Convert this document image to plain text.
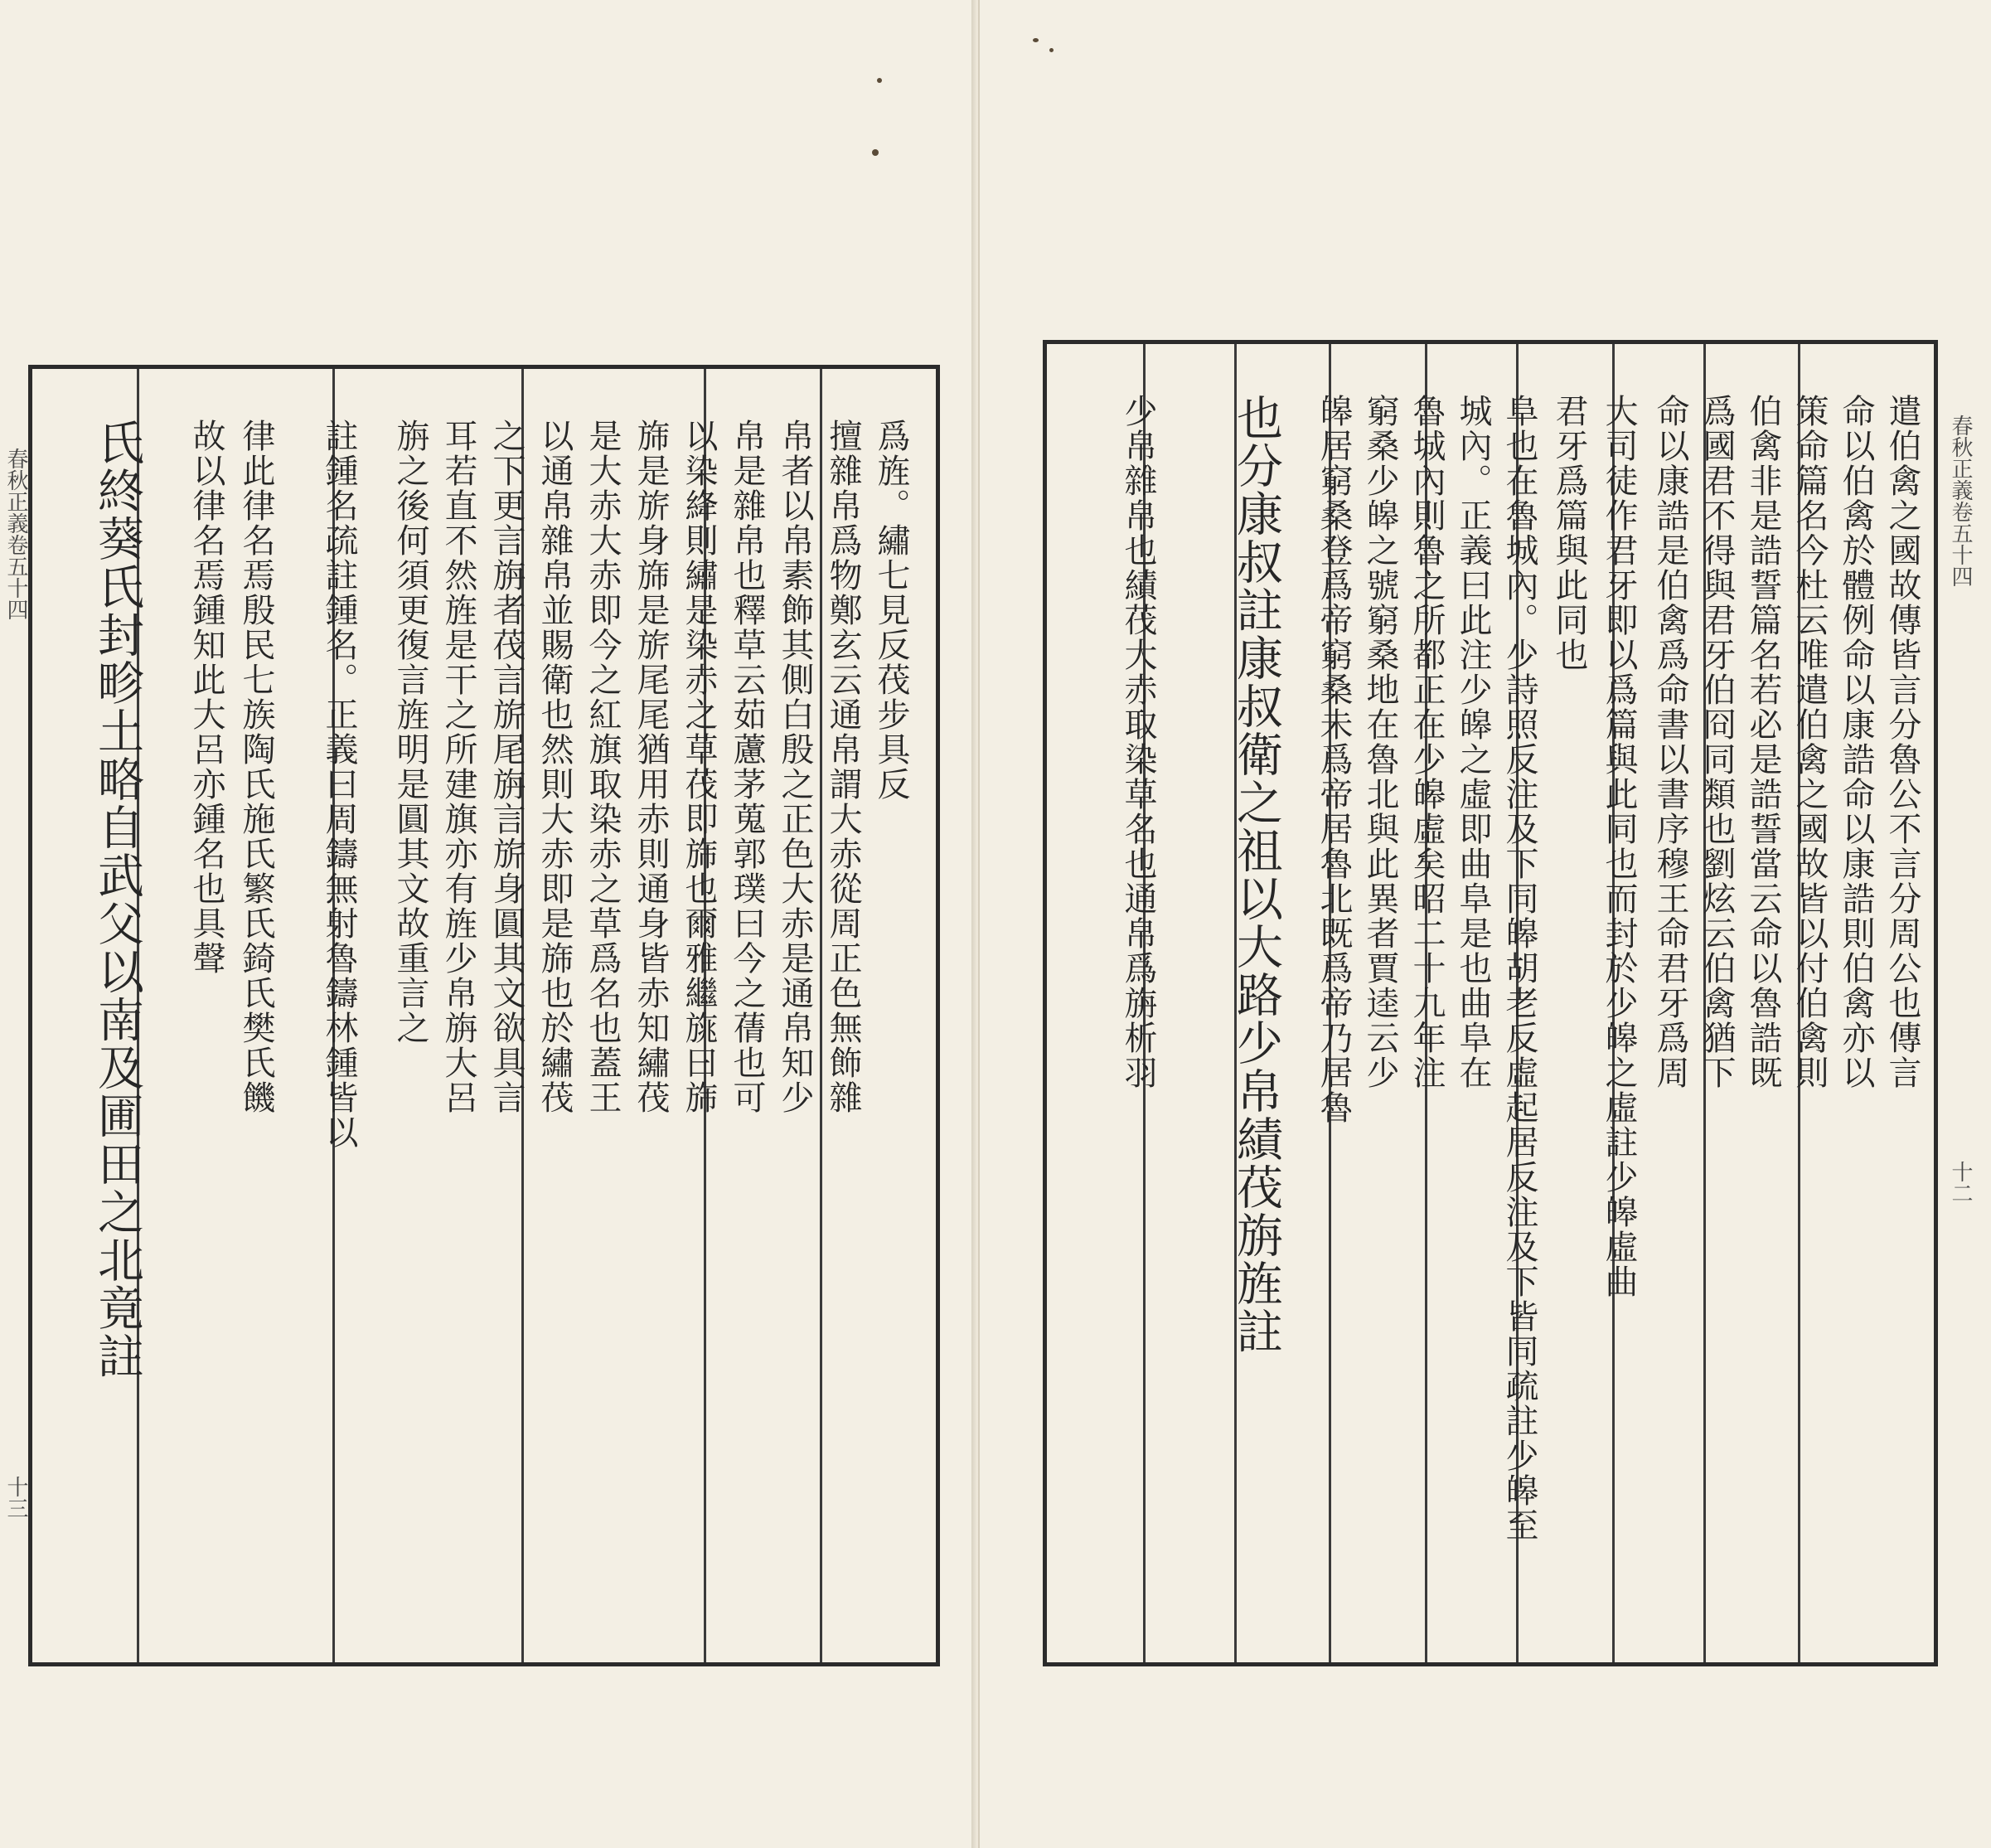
爲旌。繡七見反茷步具反
擅雜帛爲物鄭玄云通帛謂大赤從周正色無飾雜
帛者以帛素飾其側白殷之正色大赤是通帛知少
帛是雜帛也釋草云茹藘茅蒐郭璞曰今之蒨也可
以染絳則繡是染赤之草茷即旆也爾雅繼旐曰旆
旆是旂身旆是旂尾尾猶用赤則通身皆赤知繡茷
是大赤大赤即今之紅旗取染赤之草爲名也蓋王
以通帛雜帛並賜衛也然則大赤即是旆也於繡茷
之下更言旃者茷言旂尾旃言旂身圓其文欲具言
耳若直不然旌是干之所建旗亦有旌少帛旃大呂
旃之後何須更復言旌明是圓其文故重言之
註鍾名疏註鍾名。正義曰周鑄無射魯鑄林鍾皆以
律此律名焉殷民七族陶氏施氏繁氏錡氏樊氏饑
故以律名焉鍾知此大呂亦鍾名也具聲
氏終葵氏封畛土略自武父以南及圃田之北竟註
春秋正義卷五十四
十三
遣伯禽之國故傳皆言分魯公不言分周公也傳言
命以伯禽於體例命以康誥命以康誥則伯禽亦以
策命篇名今杜云唯遣伯禽之國故皆以付伯禽則
伯禽非是誥誓篇名若必是誥誓當云命以魯誥既
爲國君不得與君牙伯冏同類也劉炫云伯禽猶下
命以康誥是伯禽爲命書以書序穆王命君牙爲周
大司徒作君牙即以爲篇與此同也而封於少皞之虛註少皞虛曲
君牙爲篇與此同也
阜也在魯城內。少詩照反注及下同皞胡老反虛起居反注及下皆同疏註少皞至
城內。正義曰此注少皞之虛即曲阜是也曲阜在
魯城內則魯之所都正在少皞虛矣昭二十九年注
窮桑少皞之號窮桑地在魯北與此異者賈逵云少
皞居窮桑登爲帝窮桑未爲帝居魯北既爲帝乃居魯
也分康叔註康叔衛之祖以大路少帛績茷旃旌註
少帛雜帛也績茷大赤取染草名也通帛爲旃析羽	春秋正義卷五十四
十二
